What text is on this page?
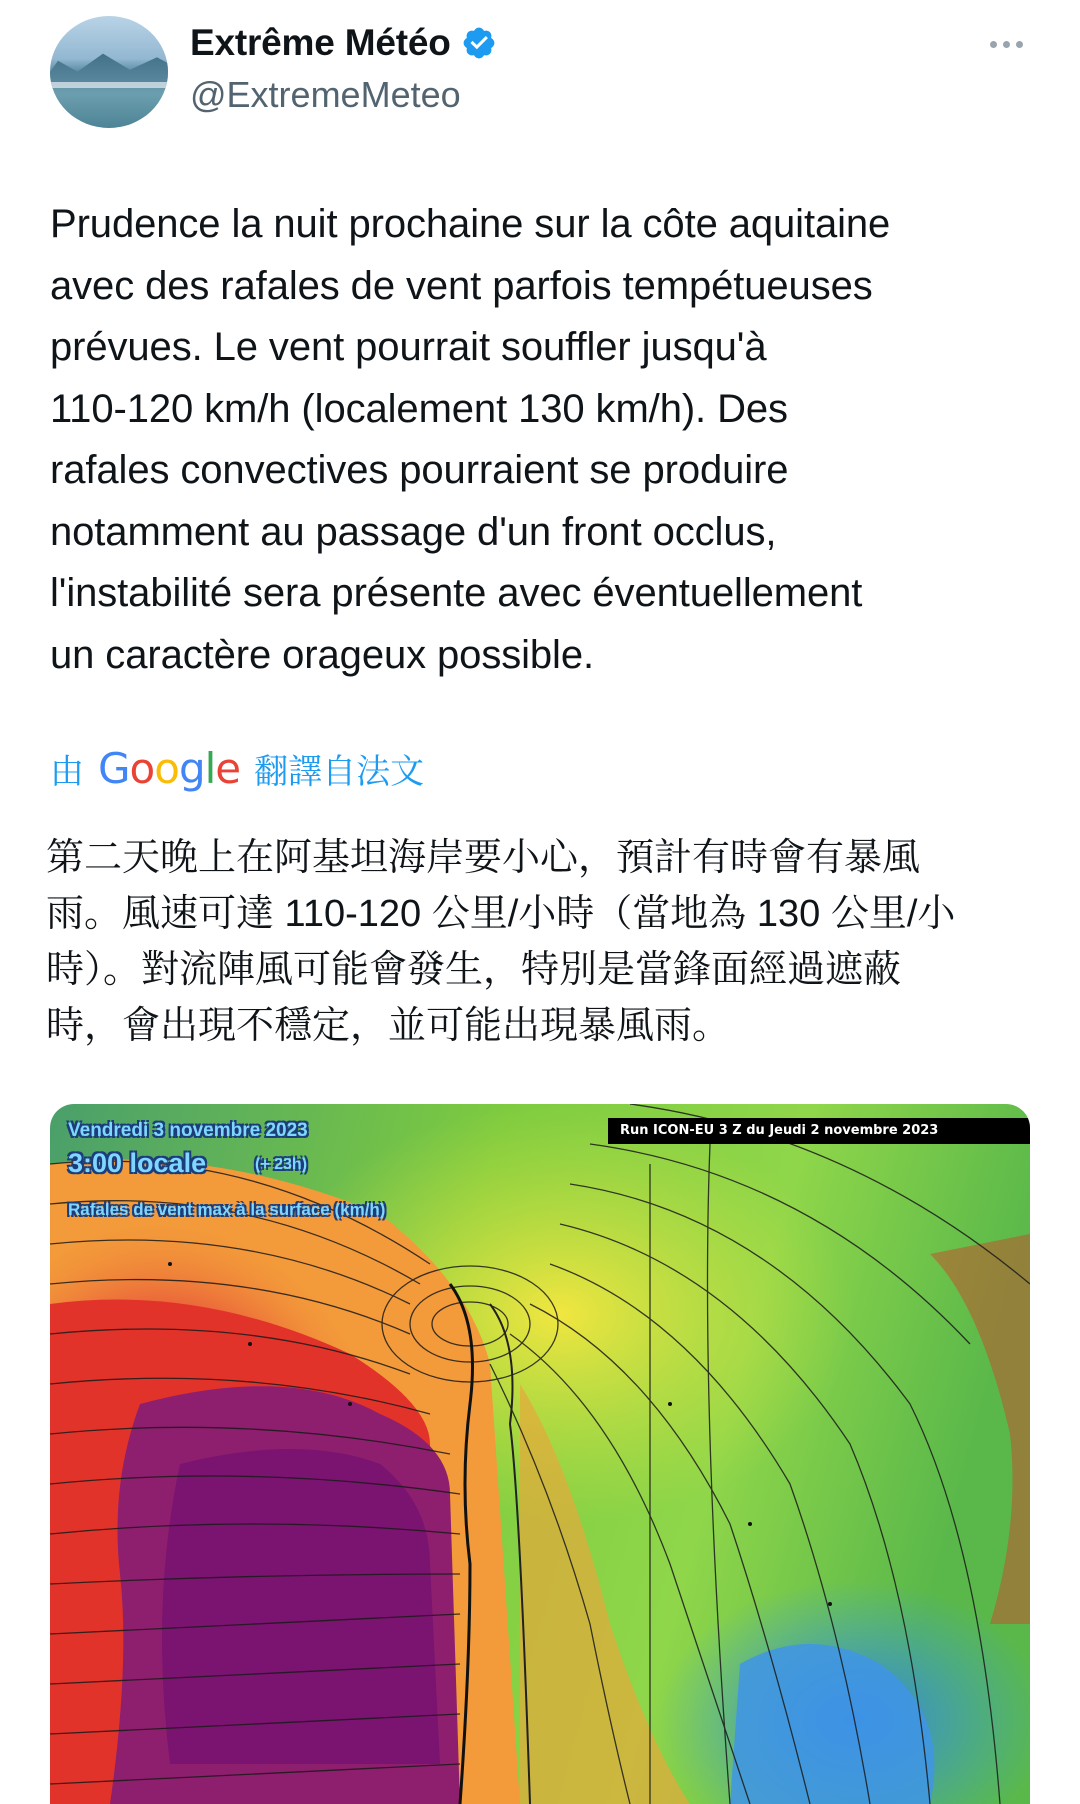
Extrême Météo
@ExtremeMeteo
Prudence la nuit prochaine sur la côte aquitaine
avec des rafales de vent parfois tempétueuses
prévues. Le vent pourrait souffler jusqu'à
110-120 km/h (localement 130 km/h). Des
rafales convectives pourraient se produire
notamment au passage d'un front occlus,
l'instabilité sera présente avec éventuellement
un caractère orageux possible.
由 Google 翻譯自法文
第二天晚上在阿基坦海岸要小心，預計有時會有暴風
雨。風速可達 110-120 公里/小時（當地為 130 公里/小
時）。對流陣風可能會發生，特別是當鋒面經過遮蔽
時，會出現不穩定，並可能出現暴風雨。
Vendredi 3 novembre 2023
3:00 locale	(+ 23h)
Rafales de vent max à la surface (km/h)
Run ICON-EU 3 Z du Jeudi 2 novembre 2023
